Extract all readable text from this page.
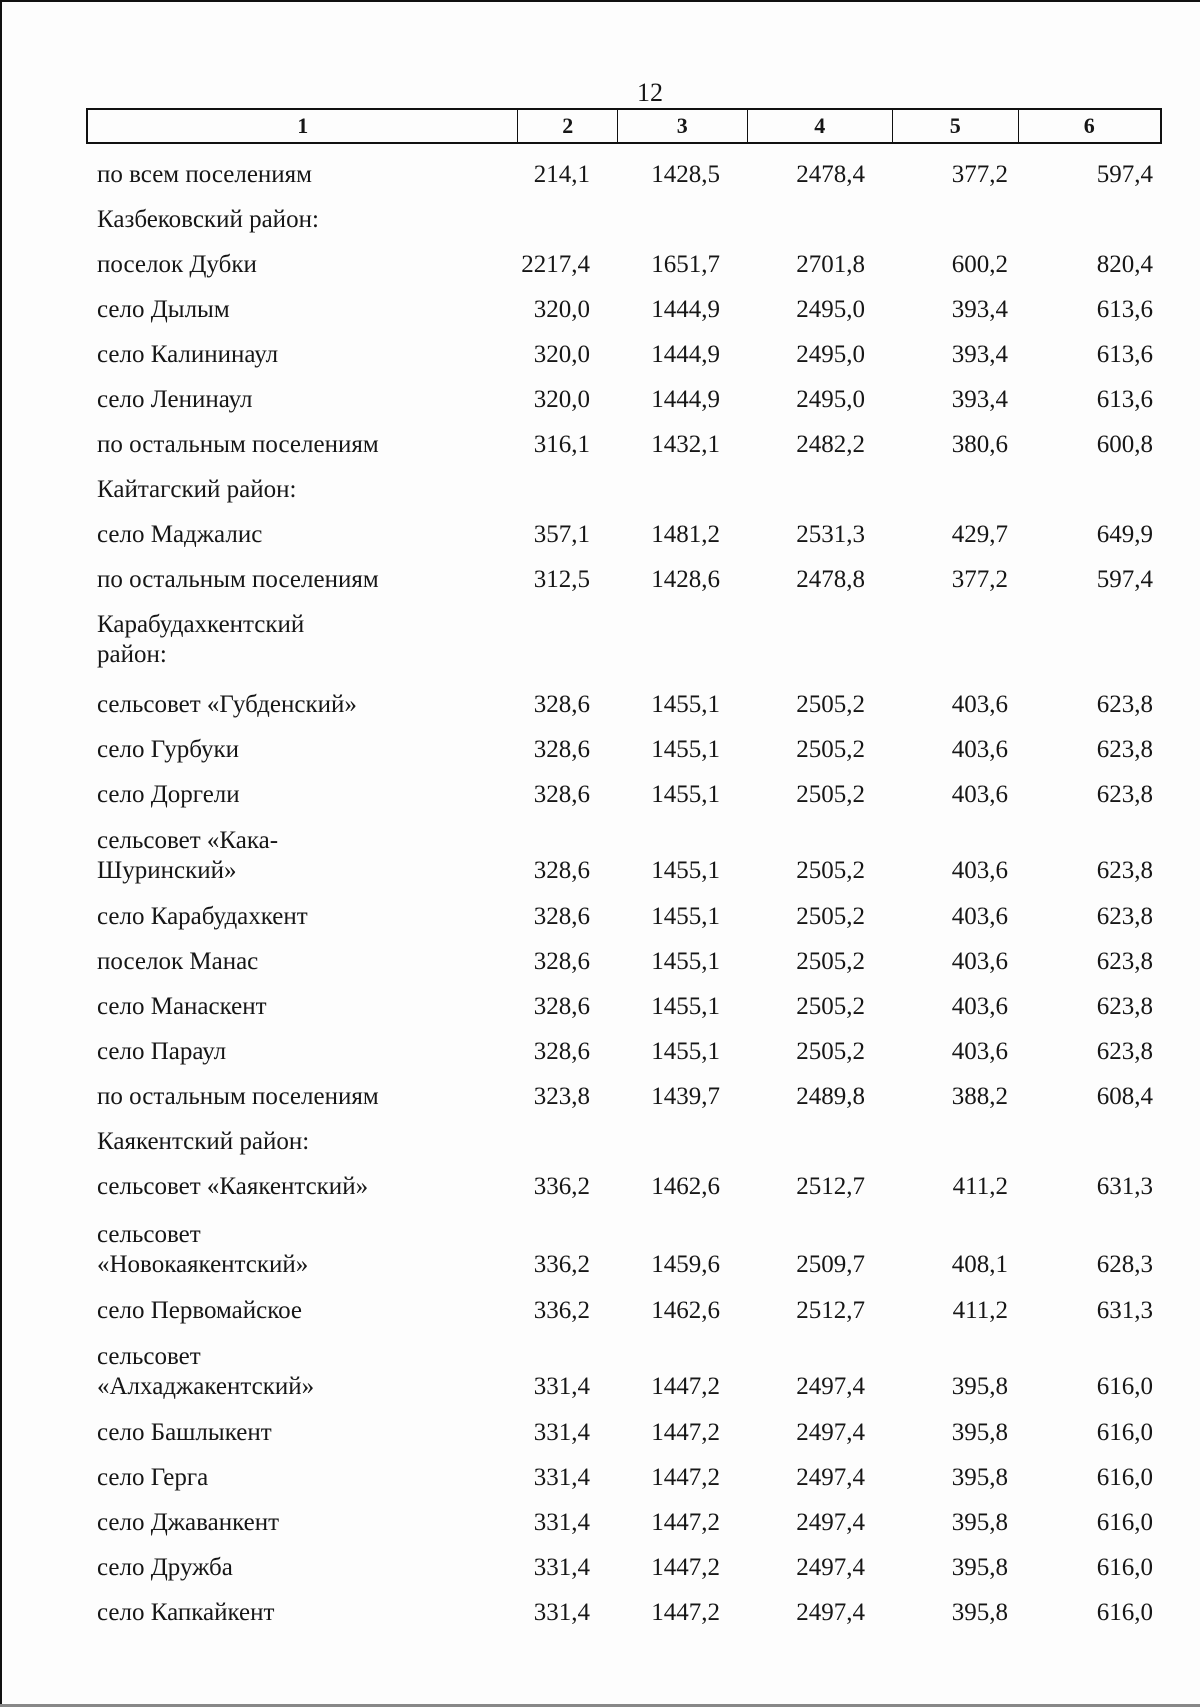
12
1	2	3	4	5	6
по всем поселениям	214,1	1428,5	2478,4	377,2	597,4
Казбековский район:
поселок Дубки	2217,4	1651,7	2701,8	600,2	820,4
село Дылым	320,0	1444,9	2495,0	393,4	613,6
село Калининаул	320,0	1444,9	2495,0	393,4	613,6
село Ленинаул	320,0	1444,9	2495,0	393,4	613,6
по остальным поселениям	316,1	1432,1	2482,2	380,6	600,8
Кайтагский район:
село Маджалис	357,1	1481,2	2531,3	429,7	649,9
по остальным поселениям	312,5	1428,6	2478,8	377,2	597,4
Карабудахкентский район:
сельсовет «Губденский»	328,6	1455,1	2505,2	403,6	623,8
село Гурбуки	328,6	1455,1	2505,2	403,6	623,8
село Доргели	328,6	1455,1	2505,2	403,6	623,8
сельсовет «Кака-Шуринский»	328,6	1455,1	2505,2	403,6	623,8
село Карабудахкент	328,6	1455,1	2505,2	403,6	623,8
поселок Манас	328,6	1455,1	2505,2	403,6	623,8
село Манаскент	328,6	1455,1	2505,2	403,6	623,8
село Параул	328,6	1455,1	2505,2	403,6	623,8
по остальным поселениям	323,8	1439,7	2489,8	388,2	608,4
Каякентский район:
сельсовет «Каякентский»	336,2	1462,6	2512,7	411,2	631,3
сельсовет «Новокаякентский»	336,2	1459,6	2509,7	408,1	628,3
село Первомайское	336,2	1462,6	2512,7	411,2	631,3
сельсовет «Алхаджакентский»	331,4	1447,2	2497,4	395,8	616,0
село Башлыкент	331,4	1447,2	2497,4	395,8	616,0
село Герга	331,4	1447,2	2497,4	395,8	616,0
село Джаванкент	331,4	1447,2	2497,4	395,8	616,0
село Дружба	331,4	1447,2	2497,4	395,8	616,0
село Капкайкент	331,4	1447,2	2497,4	395,8	616,0
